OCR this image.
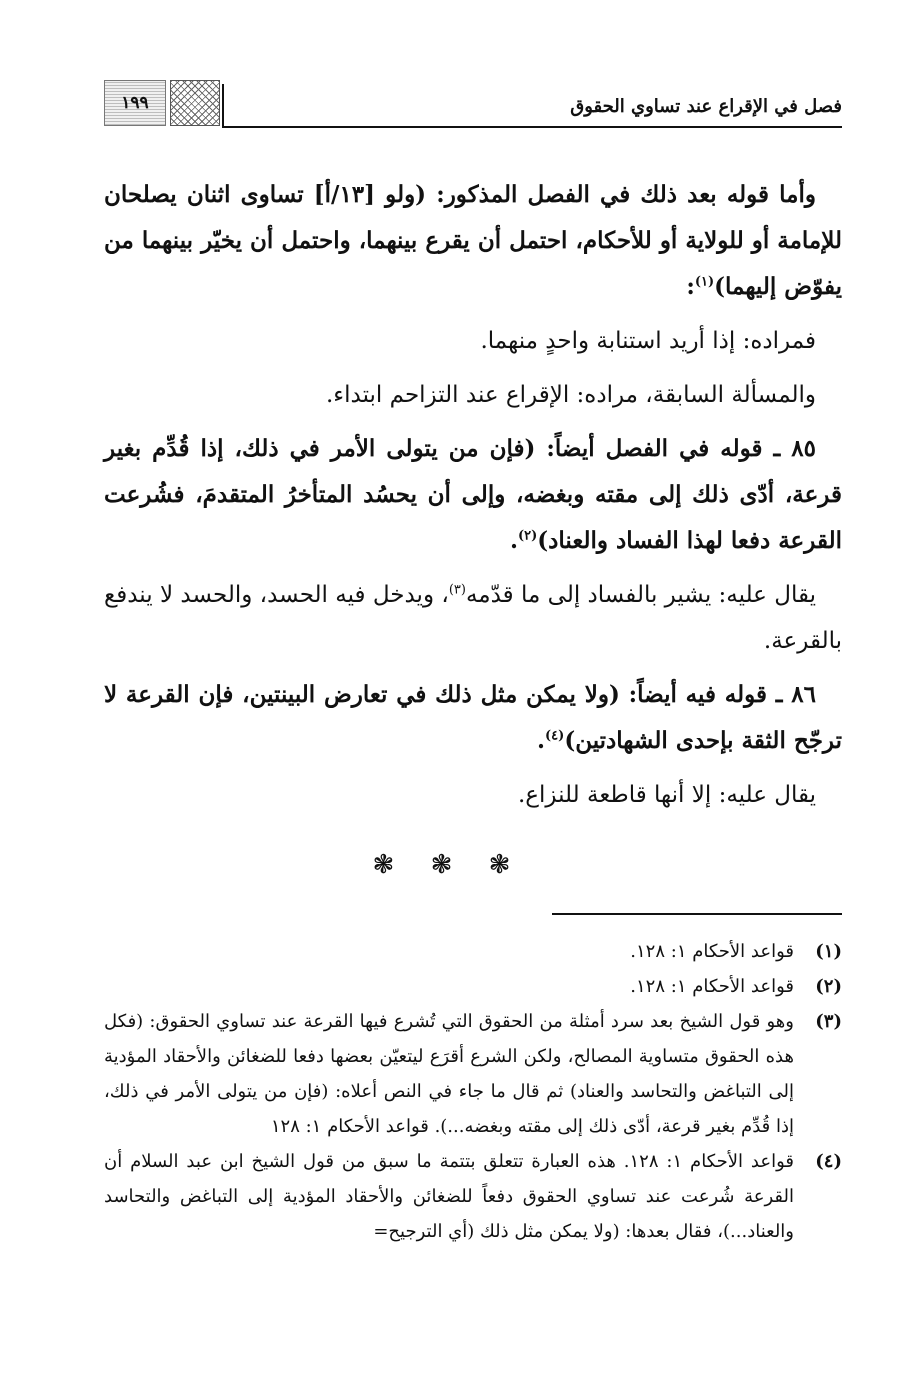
١٩٩	فصل في الإقراع عند تساوي الحقوق

وأما قوله بعد ذلك في الفصل المذكور: (ولو [١٣/أ] تساوى اثنان يصلحان للإمامة أو للولاية أو للأحكام، احتمل أن يقرع بينهما، واحتمل أن يخيّر بينهما من يفوّض إليهما)$^{(١)}$:

فمراده: إذا أريد استنابة واحدٍ منهما.

والمسألة السابقة، مراده: الإقراع عند التزاحم ابتداء.

٨٥ ـ قوله في الفصل أيضاً: (فإن من يتولى الأمر في ذلك، إذا قُدِّم بغير قرعة، أدّى ذلك إلى مقته وبغضه، وإلى أن يحسُد المتأخرُ المتقدمَ، فشُرعت القرعة دفعا لهذا الفساد والعناد)$^{(٢)}$.

يقال عليه: يشير بالفساد إلى ما قدّمه$^{(٣)}$، ويدخل فيه الحسد، والحسد لا يندفع بالقرعة.

٨٦ ـ قوله فيه أيضاً: (ولا يمكن مثل ذلك في تعارض البينتين، فإن القرعة لا ترجّح الثقة بإحدى الشهادتين)$^{(٤)}$.

يقال عليه: إلا أنها قاطعة للنزاع.

❃ ❃ ❃
(١)
قواعد الأحكام ١: ١٢٨.
(٢)
قواعد الأحكام ١: ١٢٨.
(٣)
وهو قول الشيخ بعد سرد أمثلة من الحقوق التي تُشرع فيها القرعة عند تساوي الحقوق: (فكل هذه الحقوق متساوية المصالح، ولكن الشرع أقرَع ليتعيّن بعضها دفعا للضغائن والأحقاد المؤدية إلى التباغض والتحاسد والعناد) ثم قال ما جاء في النص أعلاه: (فإن من يتولى الأمر في ذلك، إذا قُدِّم بغير قرعة، أدّى ذلك إلى مقته وبغضه...). قواعد الأحكام ١: ١٢٨
(٤)
قواعد الأحكام ١: ١٢٨. هذه العبارة تتعلق بتتمة ما سبق من قول الشيخ ابن عبد السلام أن القرعة شُرعت عند تساوي الحقوق دفعاً للضغائن والأحقاد المؤدية إلى التباغض والتحاسد والعناد...)، فقال بعدها: (ولا يمكن مثل ذلك (أي الترجيح=
